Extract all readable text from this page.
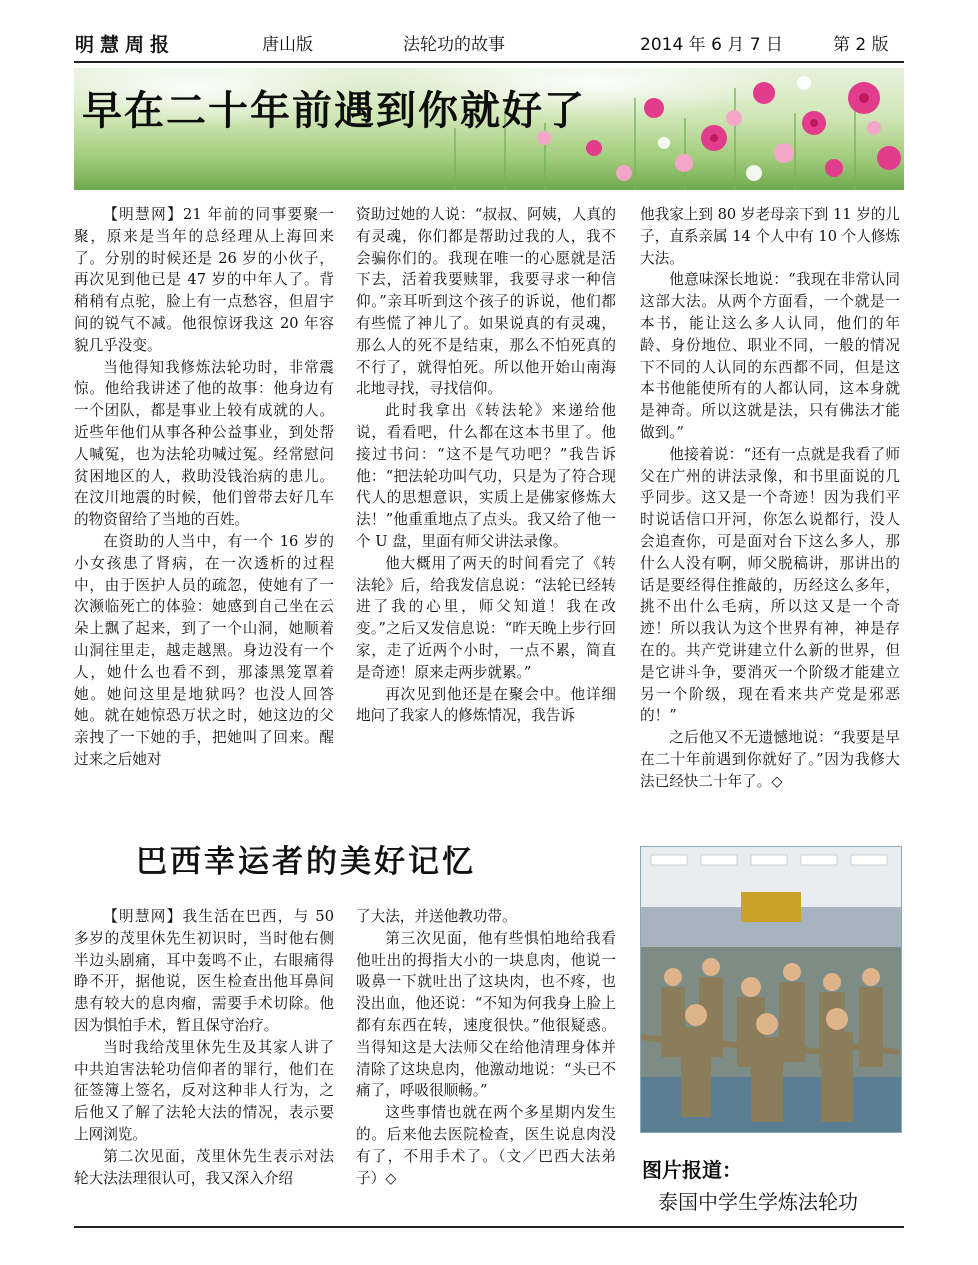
明慧周报	唐山版	法轮功的故事	2014 年 6 月 7 日	第 2 版
早在二十年前遇到你就好了

【明慧网】21 年前的同事要聚一聚，原来是当年的总经理从上海回来了。分别的时候还是 26 岁的小伙子，再次见到他已是 47 岁的中年人了。背稍稍有点驼，脸上有一点愁容，但眉宇间的锐气不减。他很惊讶我这 20 年容貌几乎没变。

当他得知我修炼法轮功时，非常震惊。他给我讲述了他的故事：他身边有一个团队，都是事业上较有成就的人。近些年他们从事各种公益事业，到处帮人喊冤，也为法轮功喊过冤。经常慰问贫困地区的人，救助没钱治病的患儿。在汶川地震的时候，他们曾带去好几车的物资留给了当地的百姓。

在资助的人当中，有一个 16 岁的小女孩患了肾病，在一次透析的过程中，由于医护人员的疏忽，使她有了一次濒临死亡的体验：她感到自己坐在云朵上飘了起来，到了一个山洞，她顺着山洞往里走，越走越黑。身边没有一个人，她什么也看不到，那漆黑笼罩着她。她问这里是地狱吗？也没人回答她。就在她惊恐万状之时，她这边的父亲拽了一下她的手，把她叫了回来。醒过来之后她对

资助过她的人说：“叔叔、阿姨，人真的有灵魂，你们都是帮助过我的人，我不会骗你们的。我现在唯一的心愿就是活下去，活着我要赎罪，我要寻求一种信仰。”亲耳听到这个孩子的诉说，他们都有些慌了神儿了。如果说真的有灵魂，那么人的死不是结束，那么不怕死真的不行了，就得怕死。所以他开始山南海北地寻找，寻找信仰。

此时我拿出《转法轮》来递给他说，看看吧，什么都在这本书里了。他接过书问：“这不是气功吧？”我告诉他：“把法轮功叫气功，只是为了符合现代人的思想意识，实质上是佛家修炼大法！”他重重地点了点头。我又给了他一个 U 盘，里面有师父讲法录像。

他大概用了两天的时间看完了《转法轮》后，给我发信息说：“法轮已经转进了我的心里，师父知道！我在改变。”之后又发信息说：“昨天晚上步行回家，走了近两个小时，一点不累，简直是奇迹！原来走两步就累。”

再次见到他还是在聚会中。他详细地问了我家人的修炼情况，我告诉

他我家上到 80 岁老母亲下到 11 岁的儿子，直系亲属 14 个人中有 10 个人修炼大法。

他意味深长地说：“我现在非常认同这部大法。从两个方面看，一个就是一本书，能让这么多人认同，他们的年龄、身份地位、职业不同，一般的情况下不同的人认同的东西都不同，但是这本书他能使所有的人都认同，这本身就是神奇。所以这就是法，只有佛法才能做到。”

他接着说：“还有一点就是我看了师父在广州的讲法录像，和书里面说的几乎同步。这又是一个奇迹！因为我们平时说话信口开河，你怎么说都行，没人会追查你，可是面对台下这么多人，那什么人没有啊，师父脱稿讲，那讲出的话是要经得住推敲的，历经这么多年，挑不出什么毛病，所以这又是一个奇迹！所以我认为这个世界有神，神是存在的。共产党讲建立什么新的世界，但是它讲斗争，要消灭一个阶级才能建立另一个阶级，现在看来共产党是邪恶的！”

之后他又不无遗憾地说：“我要是早在二十年前遇到你就好了。”因为我修大法已经快二十年了。◇

巴西幸运者的美好记忆

【明慧网】我生活在巴西，与 50 多岁的茂里休先生初识时，当时他右侧半边头剧痛，耳中轰鸣不止，右眼痛得睁不开，据他说，医生检查出他耳鼻间患有较大的息肉瘤，需要手术切除。他因为惧怕手术，暂且保守治疗。

当时我给茂里休先生及其家人讲了中共迫害法轮功信仰者的罪行，他们在征签簿上签名，反对这种非人行为，之后他又了解了法轮大法的情况，表示要上网浏览。

第二次见面，茂里休先生表示对法轮大法法理很认可，我又深入介绍

了大法，并送他教功带。

第三次见面，他有些惧怕地给我看他吐出的拇指大小的一块息肉，他说一吸鼻一下就吐出了这块肉，也不疼，也没出血，他还说：“不知为何我身上脸上都有东西在转，速度很快。”他很疑惑。当得知这是大法师父在给他清理身体并清除了这块息肉，他激动地说：“头已不痛了，呼吸很顺畅。”

这些事情也就在两个多星期内发生的。后来他去医院检查，医生说息肉没有了，不用手术了。（文／巴西大法弟子）◇	图片报道：
泰国中学生学炼法轮功
